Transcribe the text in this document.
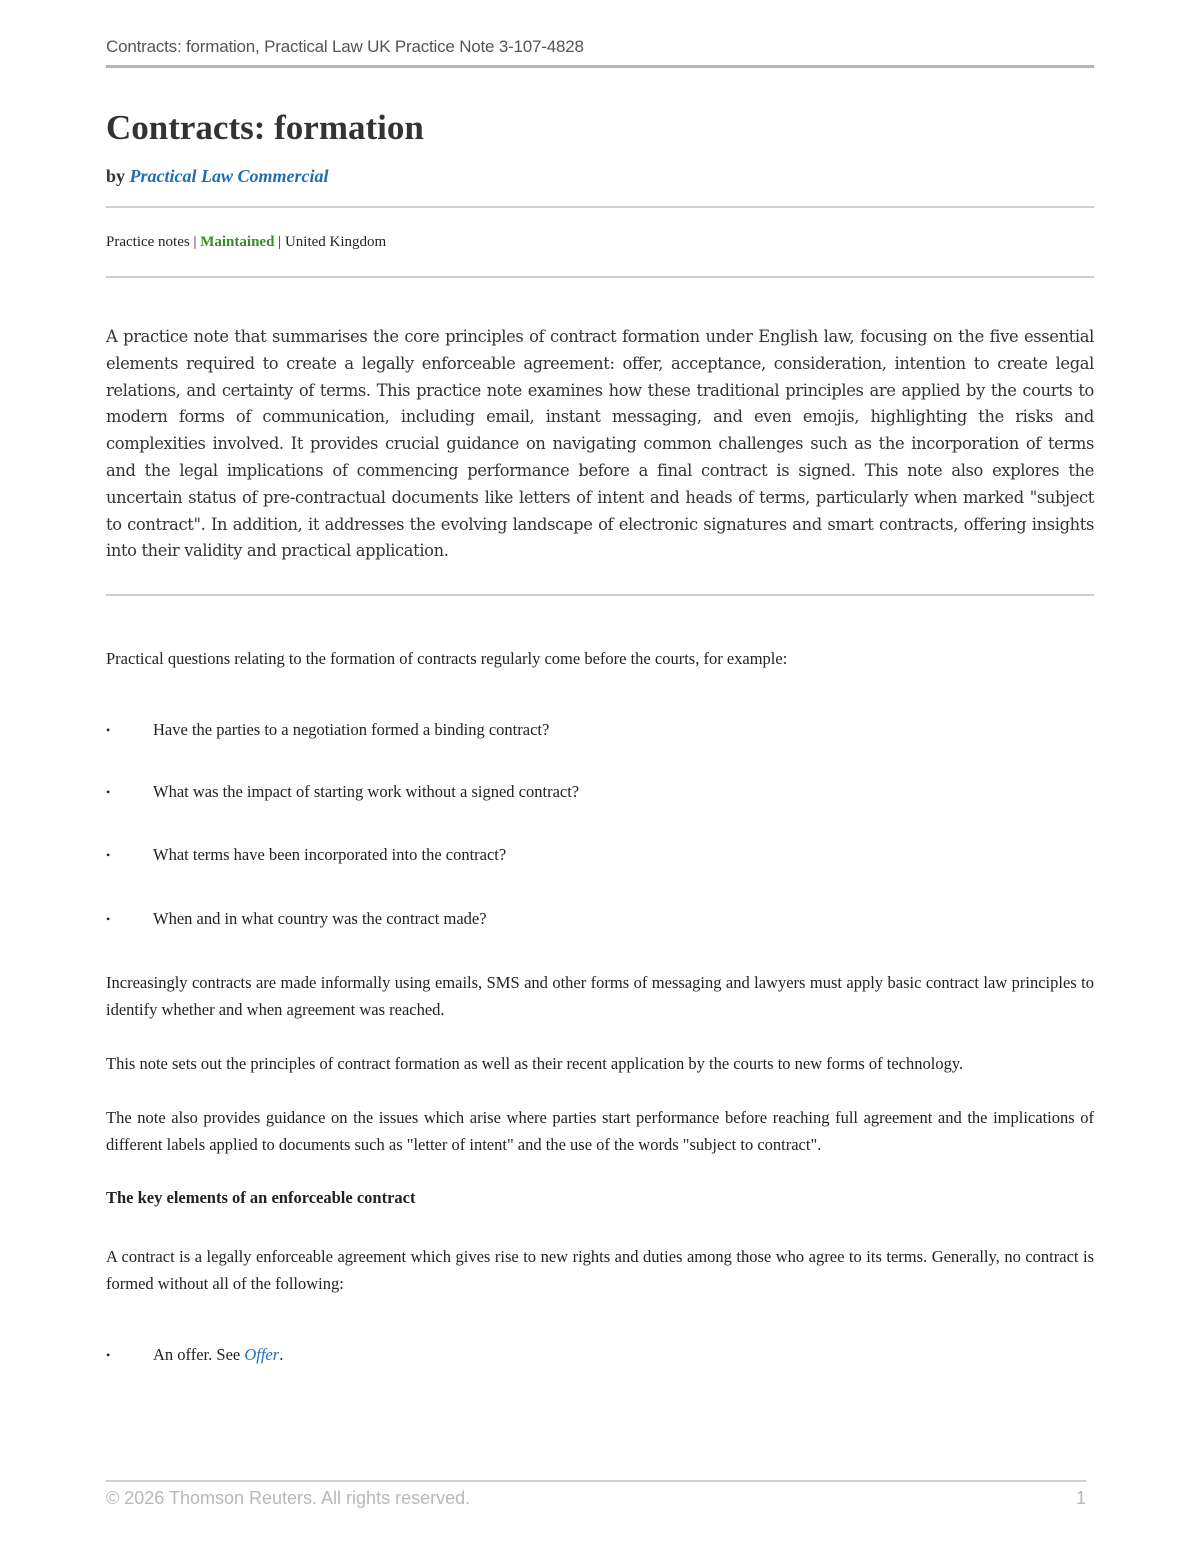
Contracts: formation, Practical Law UK Practice Note 3-107-4828
Contracts: formation
by Practical Law Commercial
Practice notes | Maintained | United Kingdom

A practice note that summarises the core principles of contract formation under English law, focusing on the five essential elements required to create a legally enforceable agreement: offer, acceptance, consideration, intention to create legal relations, and certainty of terms. This practice note examines how these traditional principles are applied by the courts to modern forms of communication, including email, instant messaging, and even emojis, highlighting the risks and complexities involved. It provides crucial guidance on navigating common challenges such as the incorporation of terms and the legal implications of commencing performance before a final contract is signed. This note also explores the uncertain status of pre-contractual documents like letters of intent and heads of terms, particularly when marked "subject to contract". In addition, it addresses the evolving landscape of electronic signatures and smart contracts, offering insights into their validity and practical application.

Practical questions relating to the formation of contracts regularly come before the courts, for example:

•	Have the parties to a negotiation formed a binding contract?
•	What was the impact of starting work without a signed contract?
•	What terms have been incorporated into the contract?
•	When and in what country was the contract made?

Increasingly contracts are made informally using emails, SMS and other forms of messaging and lawyers must apply basic contract law principles to identify whether and when agreement was reached.

This note sets out the principles of contract formation as well as their recent application by the courts to new forms of technology.

The note also provides guidance on the issues which arise where parties start performance before reaching full agreement and the implications of different labels applied to documents such as "letter of intent" and the use of the words "subject to contract".

The key elements of an enforceable contract

A contract is a legally enforceable agreement which gives rise to new rights and duties among those who agree to its terms. Generally, no contract is formed without all of the following:

•	An offer. See Offer.
© 2026 Thomson Reuters. All rights reserved.	1
